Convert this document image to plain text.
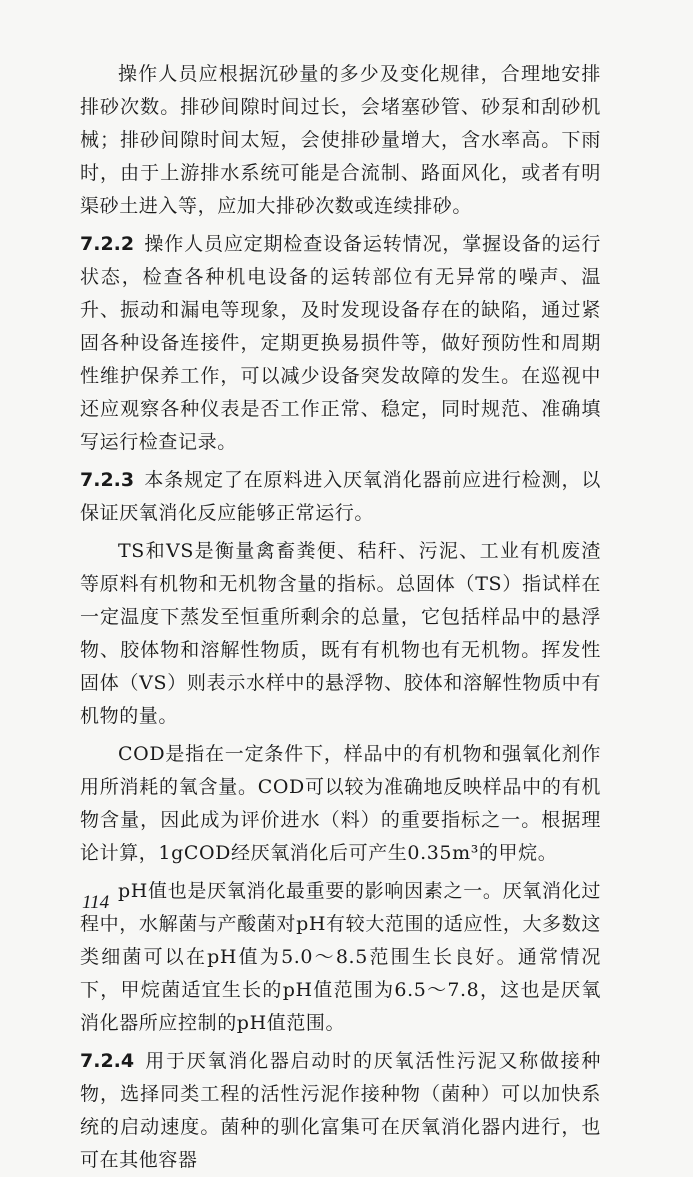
操作人员应根据沉砂量的多少及变化规律，合理地安排排砂次数。排砂间隙时间过长，会堵塞砂管、砂泵和刮砂机械；排砂间隙时间太短，会使排砂量增大，含水率高。下雨时，由于上游排水系统可能是合流制、路面风化，或者有明渠砂土进入等，应加大排砂次数或连续排砂。

7.2.2 操作人员应定期检查设备运转情况，掌握设备的运行状态，检查各种机电设备的运转部位有无异常的噪声、温升、振动和漏电等现象，及时发现设备存在的缺陷，通过紧固各种设备连接件，定期更换易损件等，做好预防性和周期性维护保养工作，可以减少设备突发故障的发生。在巡视中还应观察各种仪表是否工作正常、稳定，同时规范、准确填写运行检查记录。

7.2.3 本条规定了在原料进入厌氧消化器前应进行检测，以保证厌氧消化反应能够正常运行。

TS和VS是衡量禽畜粪便、秸秆、污泥、工业有机废渣等原料有机物和无机物含量的指标。总固体（TS）指试样在一定温度下蒸发至恒重所剩余的总量，它包括样品中的悬浮物、胶体物和溶解性物质，既有有机物也有无机物。挥发性固体（VS）则表示水样中的悬浮物、胶体和溶解性物质中有机物的量。

COD是指在一定条件下，样品中的有机物和强氧化剂作用所消耗的氧含量。COD可以较为准确地反映样品中的有机物含量，因此成为评价进水（料）的重要指标之一。根据理论计算，1gCOD经厌氧消化后可产生0.35m³的甲烷。

pH值也是厌氧消化最重要的影响因素之一。厌氧消化过程中，水解菌与产酸菌对pH有较大范围的适应性，大多数这类细菌可以在pH值为5.0～8.5范围生长良好。通常情况下，甲烷菌适宜生长的pH值范围为6.5～7.8，这也是厌氧消化器所应控制的pH值范围。

7.2.4 用于厌氧消化器启动时的厌氧活性污泥又称做接种物，选择同类工程的活性污泥作接种物（菌种）可以加快系统的启动速度。菌种的驯化富集可在厌氧消化器内进行，也可在其他容器

114
